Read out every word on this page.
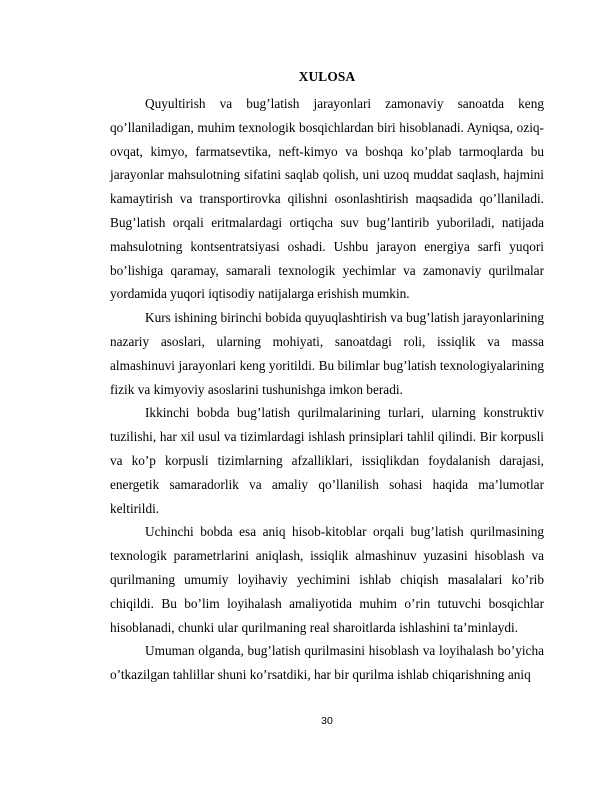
XULOSA

Quyultirish va bug’latish jarayonlari zamonaviy sanoatda keng qo’llaniladigan, muhim texnologik bosqichlardan biri hisoblanadi. Ayniqsa, oziq-ovqat, kimyo, farmatsevtika, neft-kimyo va boshqa ko’plab tarmoqlarda bu jarayonlar mahsulotning sifatini saqlab qolish, uni uzoq muddat saqlash, hajmini kamaytirish va transportirovka qilishni osonlashtirish maqsadida qo’llaniladi. Bug’latish orqali eritmalardagi ortiqcha suv bug’lantirib yuboriladi, natijada mahsulotning kontsentratsiyasi oshadi. Ushbu jarayon energiya sarfi yuqori bo’lishiga qaramay, samarali texnologik yechimlar va zamonaviy qurilmalar yordamida yuqori iqtisodiy natijalarga erishish mumkin.

Kurs ishining birinchi bobida quyuqlashtirish va bug’latish jarayonlarining nazariy asoslari, ularning mohiyati, sanoatdagi roli, issiqlik va massa almashinuvi jarayonlari keng yoritildi. Bu bilimlar bug’latish texnologiyalarining fizik va kimyoviy asoslarini tushunishga imkon beradi.

Ikkinchi bobda bug’latish qurilmalarining turlari, ularning konstruktiv tuzilishi, har xil usul va tizimlardagi ishlash prinsiplari tahlil qilindi. Bir korpusli va ko’p korpusli tizimlarning afzalliklari, issiqlikdan foydalanish darajasi, energetik samaradorlik va amaliy qo’llanilish sohasi haqida ma’lumotlar keltirildi.

Uchinchi bobda esa aniq hisob-kitoblar orqali bug’latish qurilmasining texnologik parametrlarini aniqlash, issiqlik almashinuv yuzasini hisoblash va qurilmaning umumiy loyihaviy yechimini ishlab chiqish masalalari ko’rib chiqildi. Bu bo’lim loyihalash amaliyotida muhim o’rin tutuvchi bosqichlar hisoblanadi, chunki ular qurilmaning real sharoitlarda ishlashini ta’minlaydi.

Umuman olganda, bug’latish qurilmasini hisoblash va loyihalash bo’yicha o’tkazilgan tahlillar shuni ko’rsatdiki, har bir qurilma ishlab chiqarishning aniq

30
